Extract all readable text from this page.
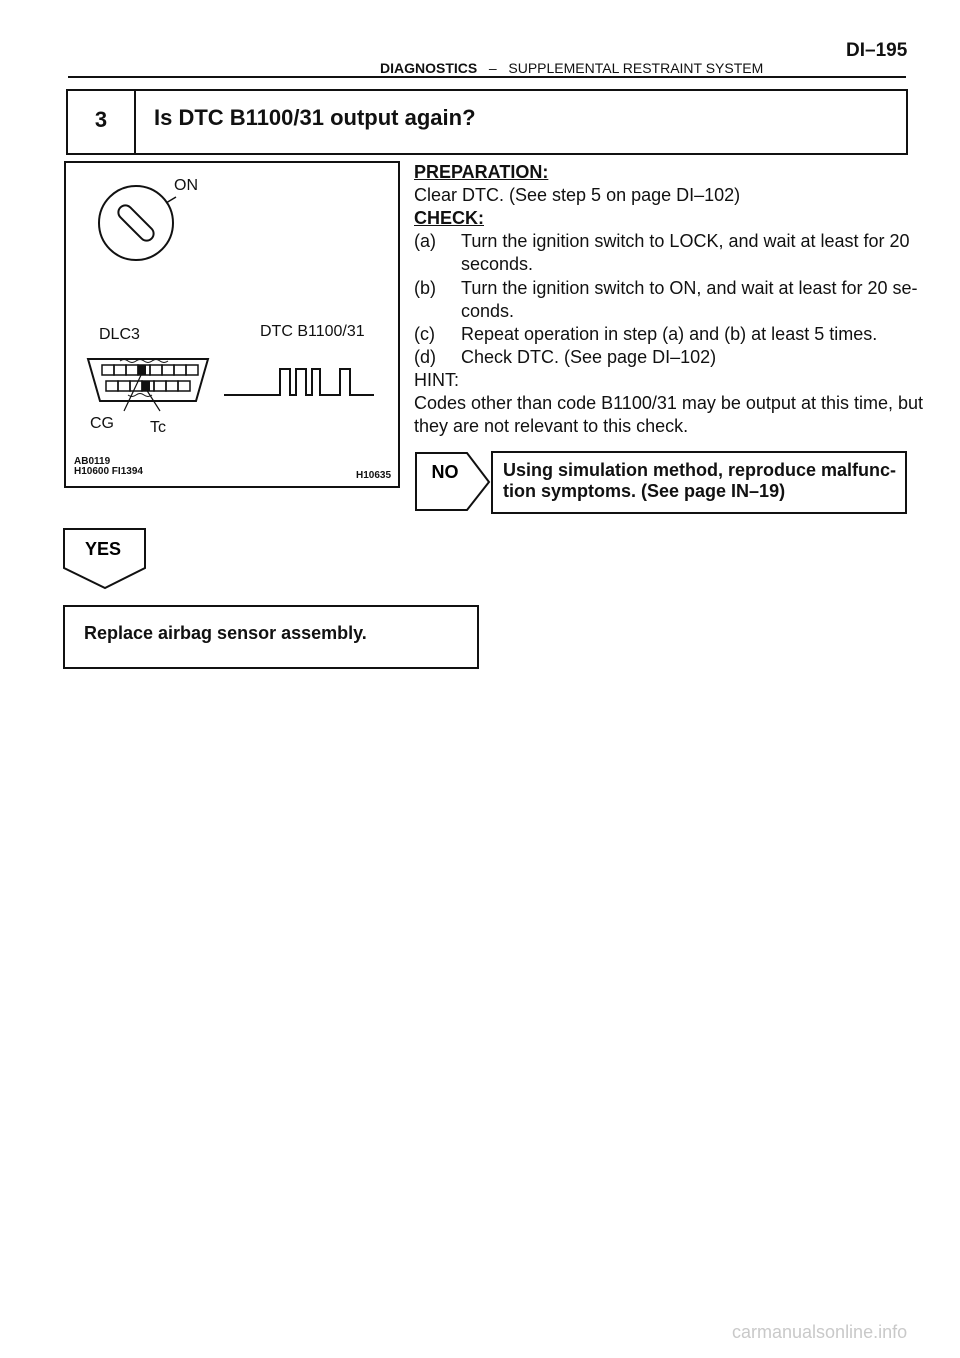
DI–195
DIAGNOSTICS – SUPPLEMENTAL RESTRAINT SYSTEM
3	Is DTC B1100/31 output again?
ON
DLC3	DTC B1100/31
CG Tc
AB0119
H10600 FI1394	H10635
PREPARATION:
Clear DTC. (See step 5 on page DI–102)
CHECK:
(a) Turn the ignition switch to LOCK, and wait at least for 20
seconds.
(b) Turn the ignition switch to ON, and wait at least for 20 se-
conds.
(c) Repeat operation in step (a) and (b) at least 5 times.
(d) Check DTC. (See page DI–102)
HINT:
Codes other than code B1100/31 may be output at this time, but
they are not relevant to this check.
NO Using simulation method, reproduce malfunc-
tion symptoms. (See page IN–19)
YES
Replace airbag sensor assembly.
carmanualsonline.info
